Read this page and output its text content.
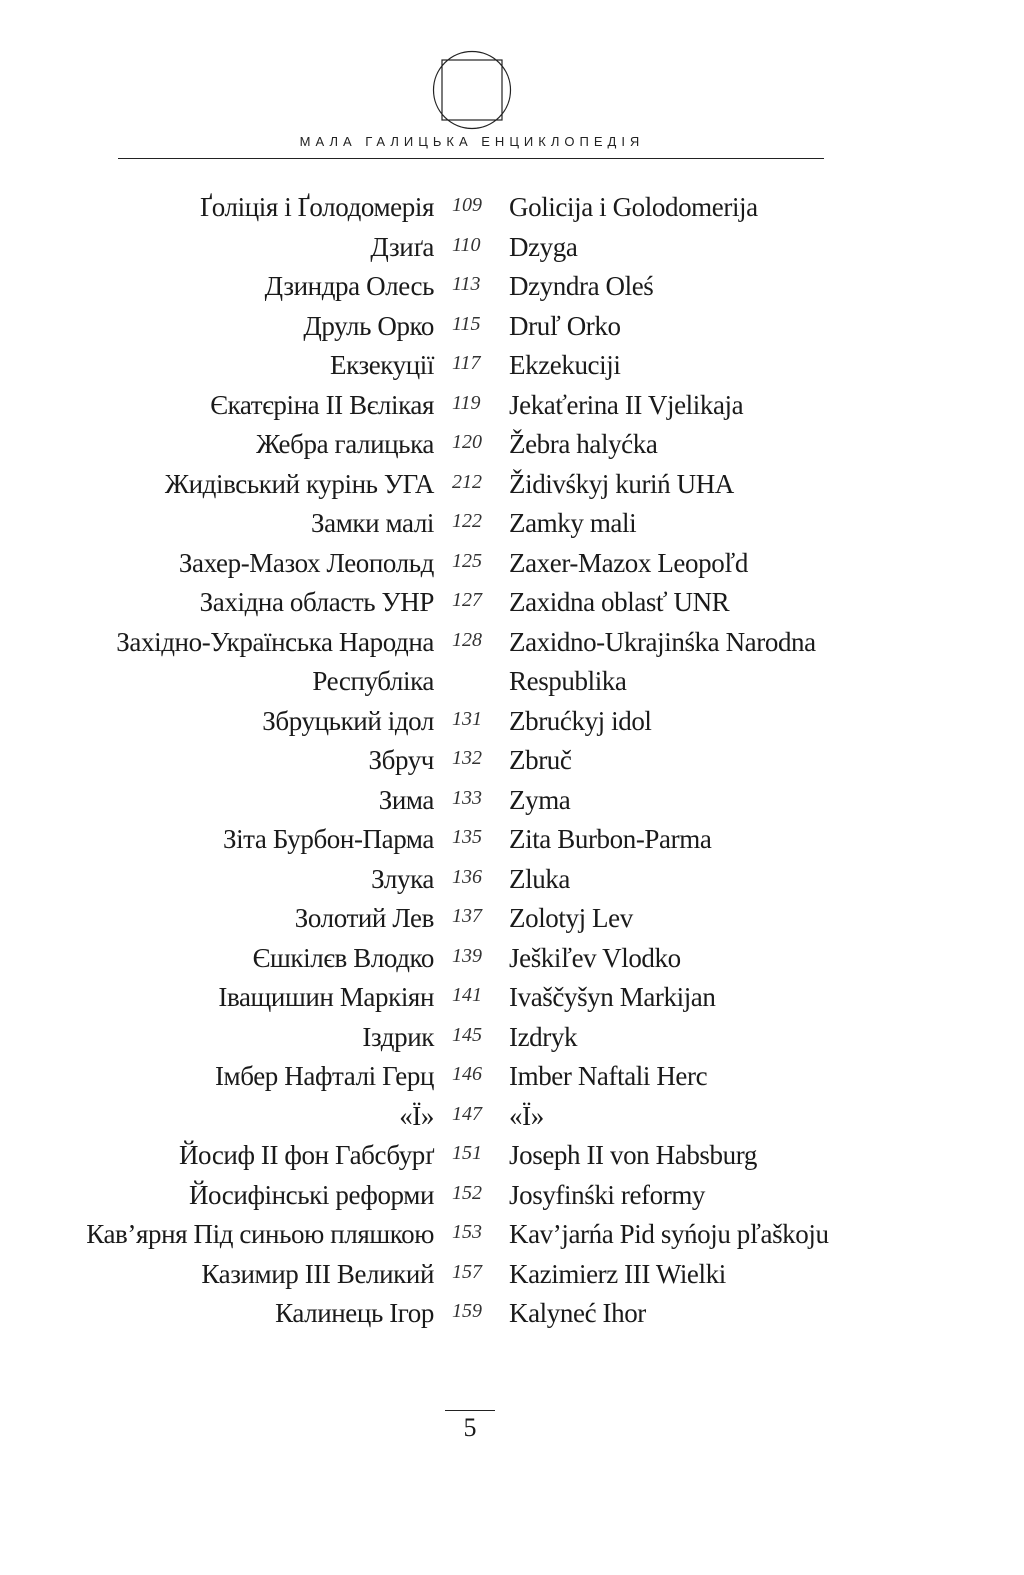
МАЛА ГАЛИЦЬКА ЕНЦИКЛОПЕДІЯ
Ґоліція і Ґолодомерія 109	Golicija i Golodomerija
Дзиґа 110	Dzyga
Дзиндра Олесь 113	Dzyndra Oleś
Друль Орко 115	Druľ Orko
Екзекуції 117	Ekzekuciji
Єкатєріна II Вєлікая 119	Jekaťerina II Vjelikaja
Жебра галицька 120	Žebra halyćka
Жидівський курінь УГА 212	Židivśkyj kuriń UHA
Замки малі 122	Zamky mali
Захер-Мазох Леопольд 125	Zaxer-Mazox Leopoľd
Західна область УНР 127	Zaxidna oblasť UNR
Західно-Українська Народна 128	Zaxidno-Ukrajinśka Narodna
Республіка	Respublika
Збруцький ідол 131	Zbrućkyj idol
Збруч 132	Zbruč
Зима 133	Zyma
Зіта Бурбон-Парма 135	Zita Burbon-Parma
Злука 136	Zluka
Золотий Лев 137	Zolotyj Lev
Єшкілєв Влодко 139	Ješkiľev Vlodko
Іващишин Маркіян 141	Ivaščyšyn Markijan
Іздрик 145	Izdryk
Імбер Нафталі Герц 146	Imber Naftali Herc
«Ї» 147	«Ï»
Йосиф II фон Габсбурґ 151	Joseph II von Habsburg
Йосифінські реформи 152	Josyfinśki reformy
Кав’ярня Під синьою пляшкою 153	Kav’jarńa Pid syńoju pľaškoju
Казимир III Великий 157	Kazimierz III Wielki
Калинець Ігор 159	Kalyneć Ihor
5
